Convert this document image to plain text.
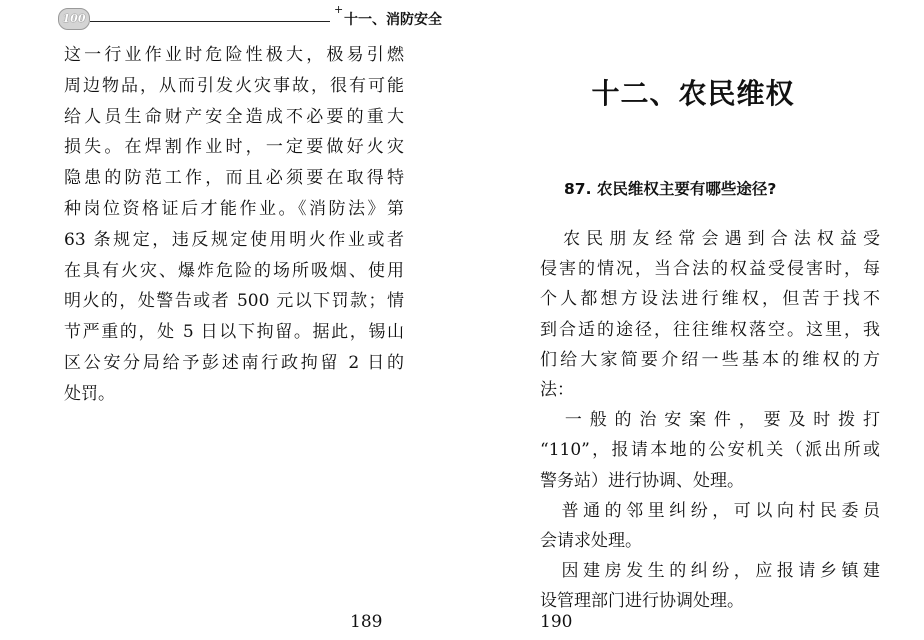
100
+
十一、消防安全
这一行业作业时危险性极大，极易引燃
周边物品，从而引发火灾事故，很有可能
给人员生命财产安全造成不必要的重大
损失。在焊割作业时，一定要做好火灾
隐患的防范工作，而且必须要在取得特
种岗位资格证后才能作业。《消防法》第
63 条规定，违反规定使用明火作业或者
在具有火灾、爆炸危险的场所吸烟、使用
明火的，处警告或者 500 元以下罚款；情
节严重的，处 5 日以下拘留。据此，锡山
区公安分局给予彭述南行政拘留 2 日的
处罚。
189
十二、农民维权
87. 农民维权主要有哪些途径?
　农民朋友经常会遇到合法权益受
侵害的情况，当合法的权益受侵害时，每
个人都想方设法进行维权，但苦于找不
到合适的途径，往往维权落空。这里，我
们给大家简要介绍一些基本的维权的方
法：
　一般的治安案件，要及时拨打
“110”，报请本地的公安机关（派出所或
警务站）进行协调、处理。
　普通的邻里纠纷，可以向村民委员
会请求处理。
　因建房发生的纠纷，应报请乡镇建
设管理部门进行协调处理。
190
